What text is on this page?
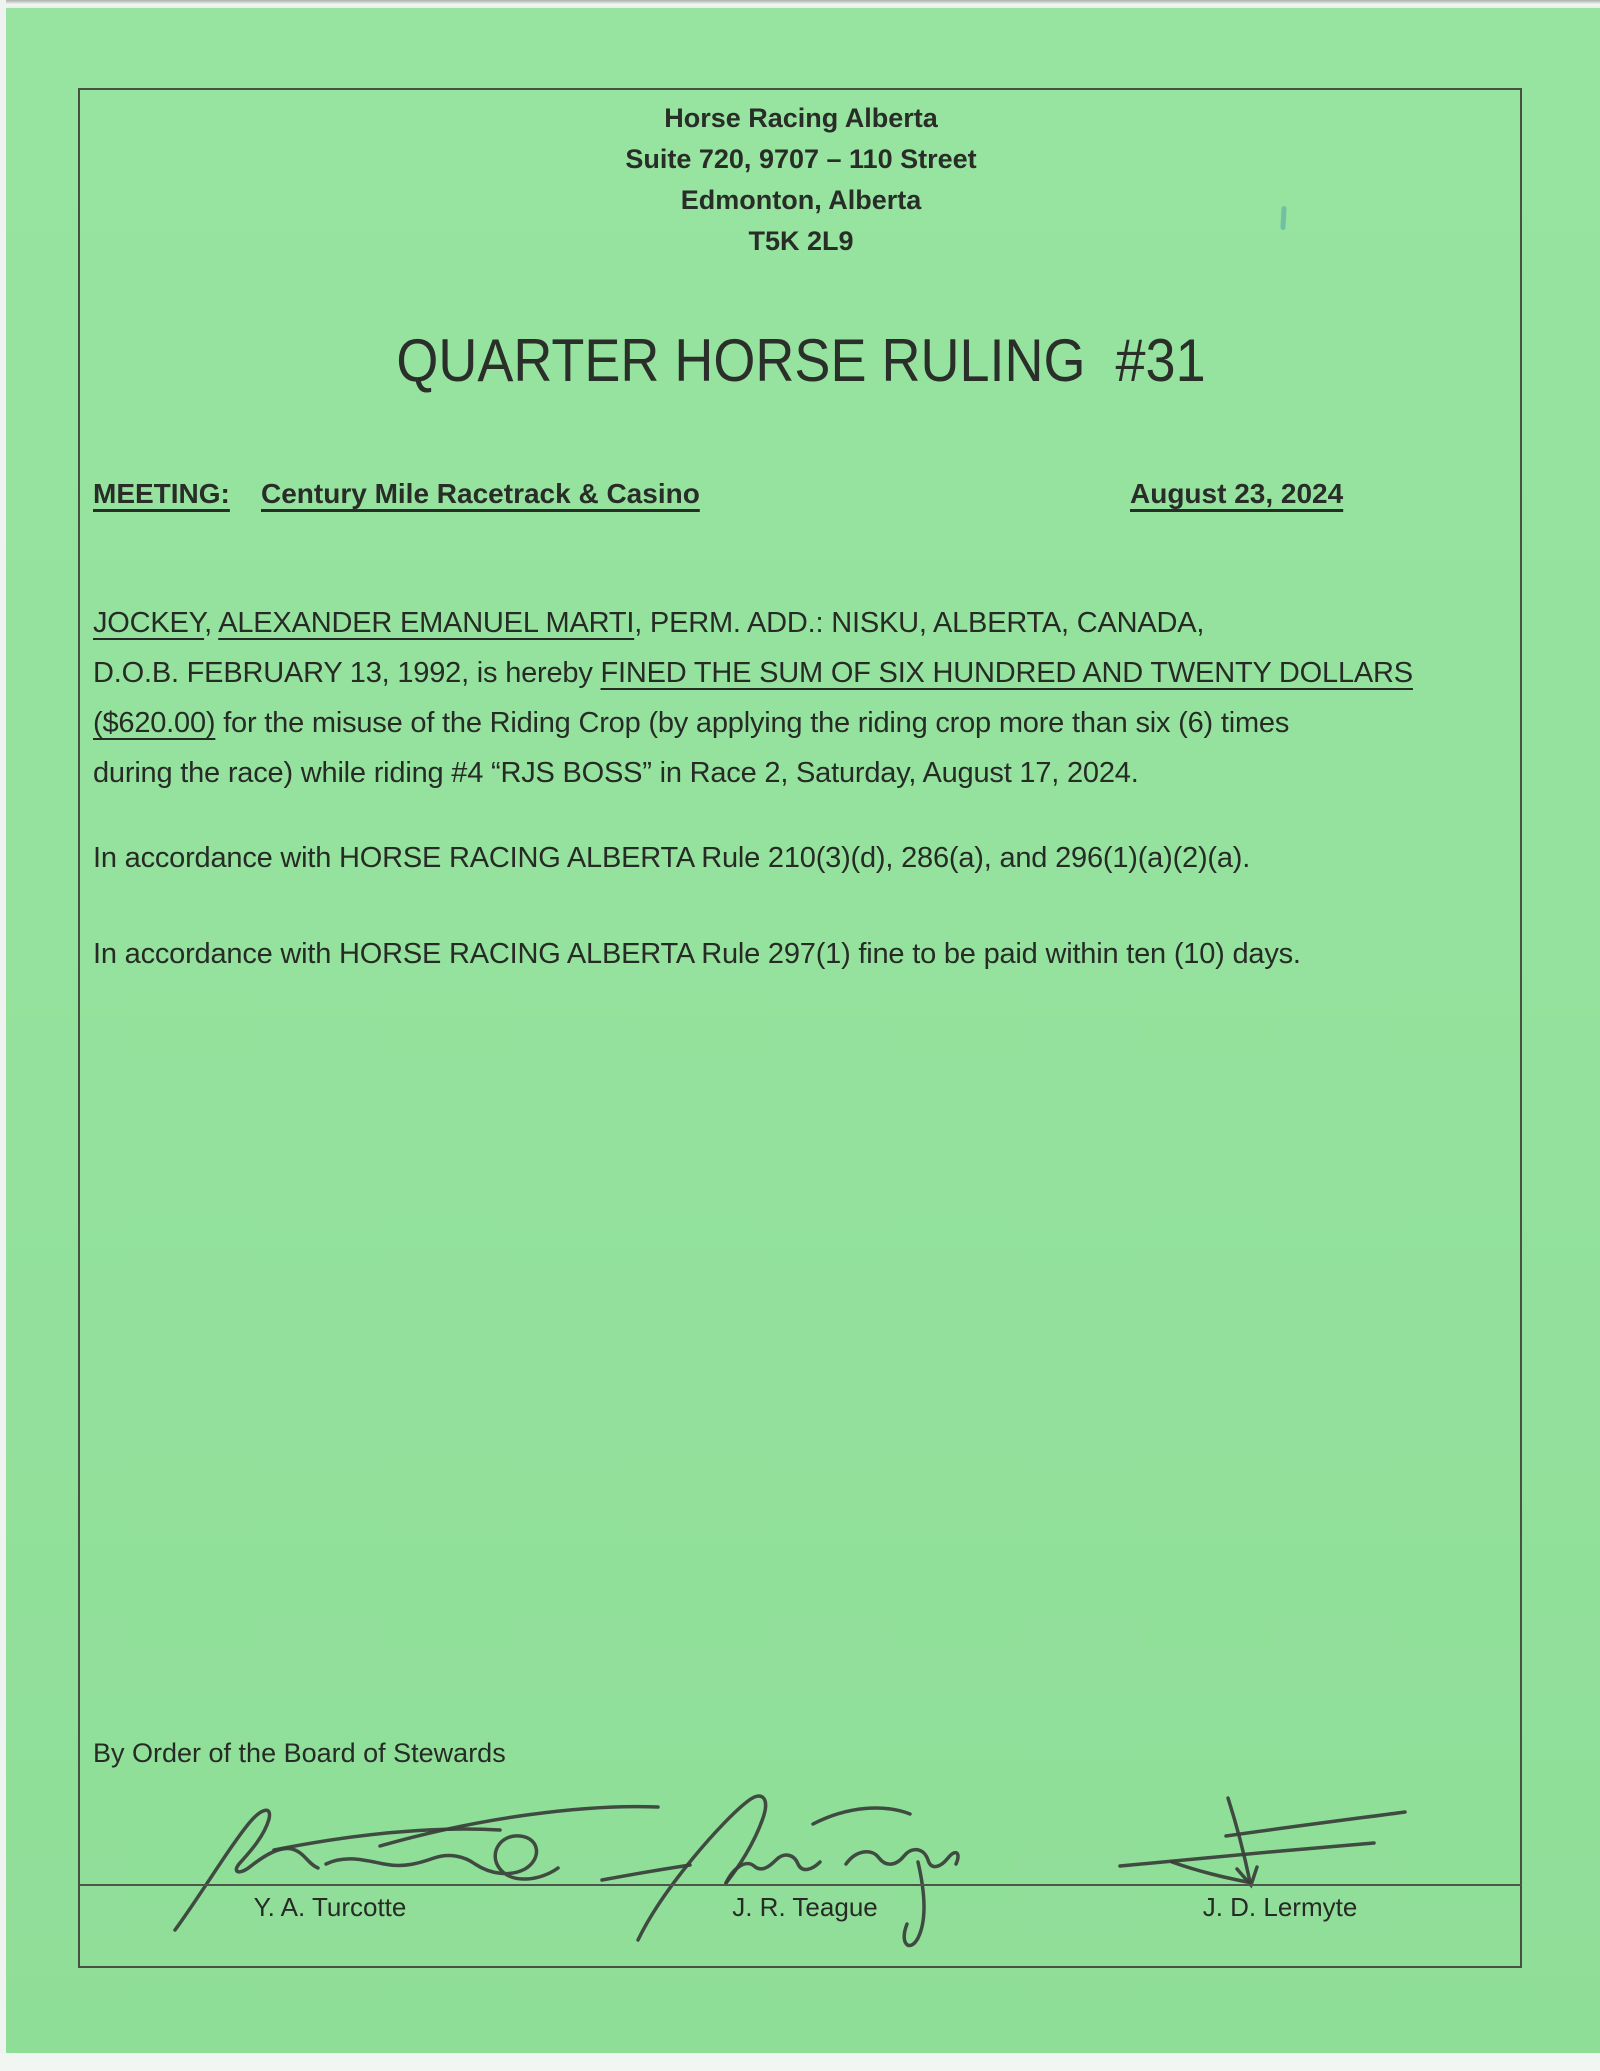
Horse Racing Alberta
Suite 720, 9707 – 110 Street
Edmonton, Alberta
T5K 2L9
QUARTER HORSE RULING  #31
MEETING: Century Mile Racetrack & Casino	August 23, 2024
JOCKEY, ALEXANDER EMANUEL MARTI, PERM. ADD.: NISKU, ALBERTA, CANADA,
D.O.B. FEBRUARY 13, 1992, is hereby FINED THE SUM OF SIX HUNDRED AND TWENTY DOLLARS
($620.00) for the misuse of the Riding Crop (by applying the riding crop more than six (6) times
during the race) while riding #4 “RJS BOSS” in Race 2, Saturday, August 17, 2024.
In accordance with HORSE RACING ALBERTA Rule 210(3)(d), 286(a), and 296(1)(a)(2)(a).
In accordance with HORSE RACING ALBERTA Rule 297(1) fine to be paid within ten (10) days.
By Order of the Board of Stewards
Y. A. Turcotte	J. R. Teague	J. D. Lermyte
